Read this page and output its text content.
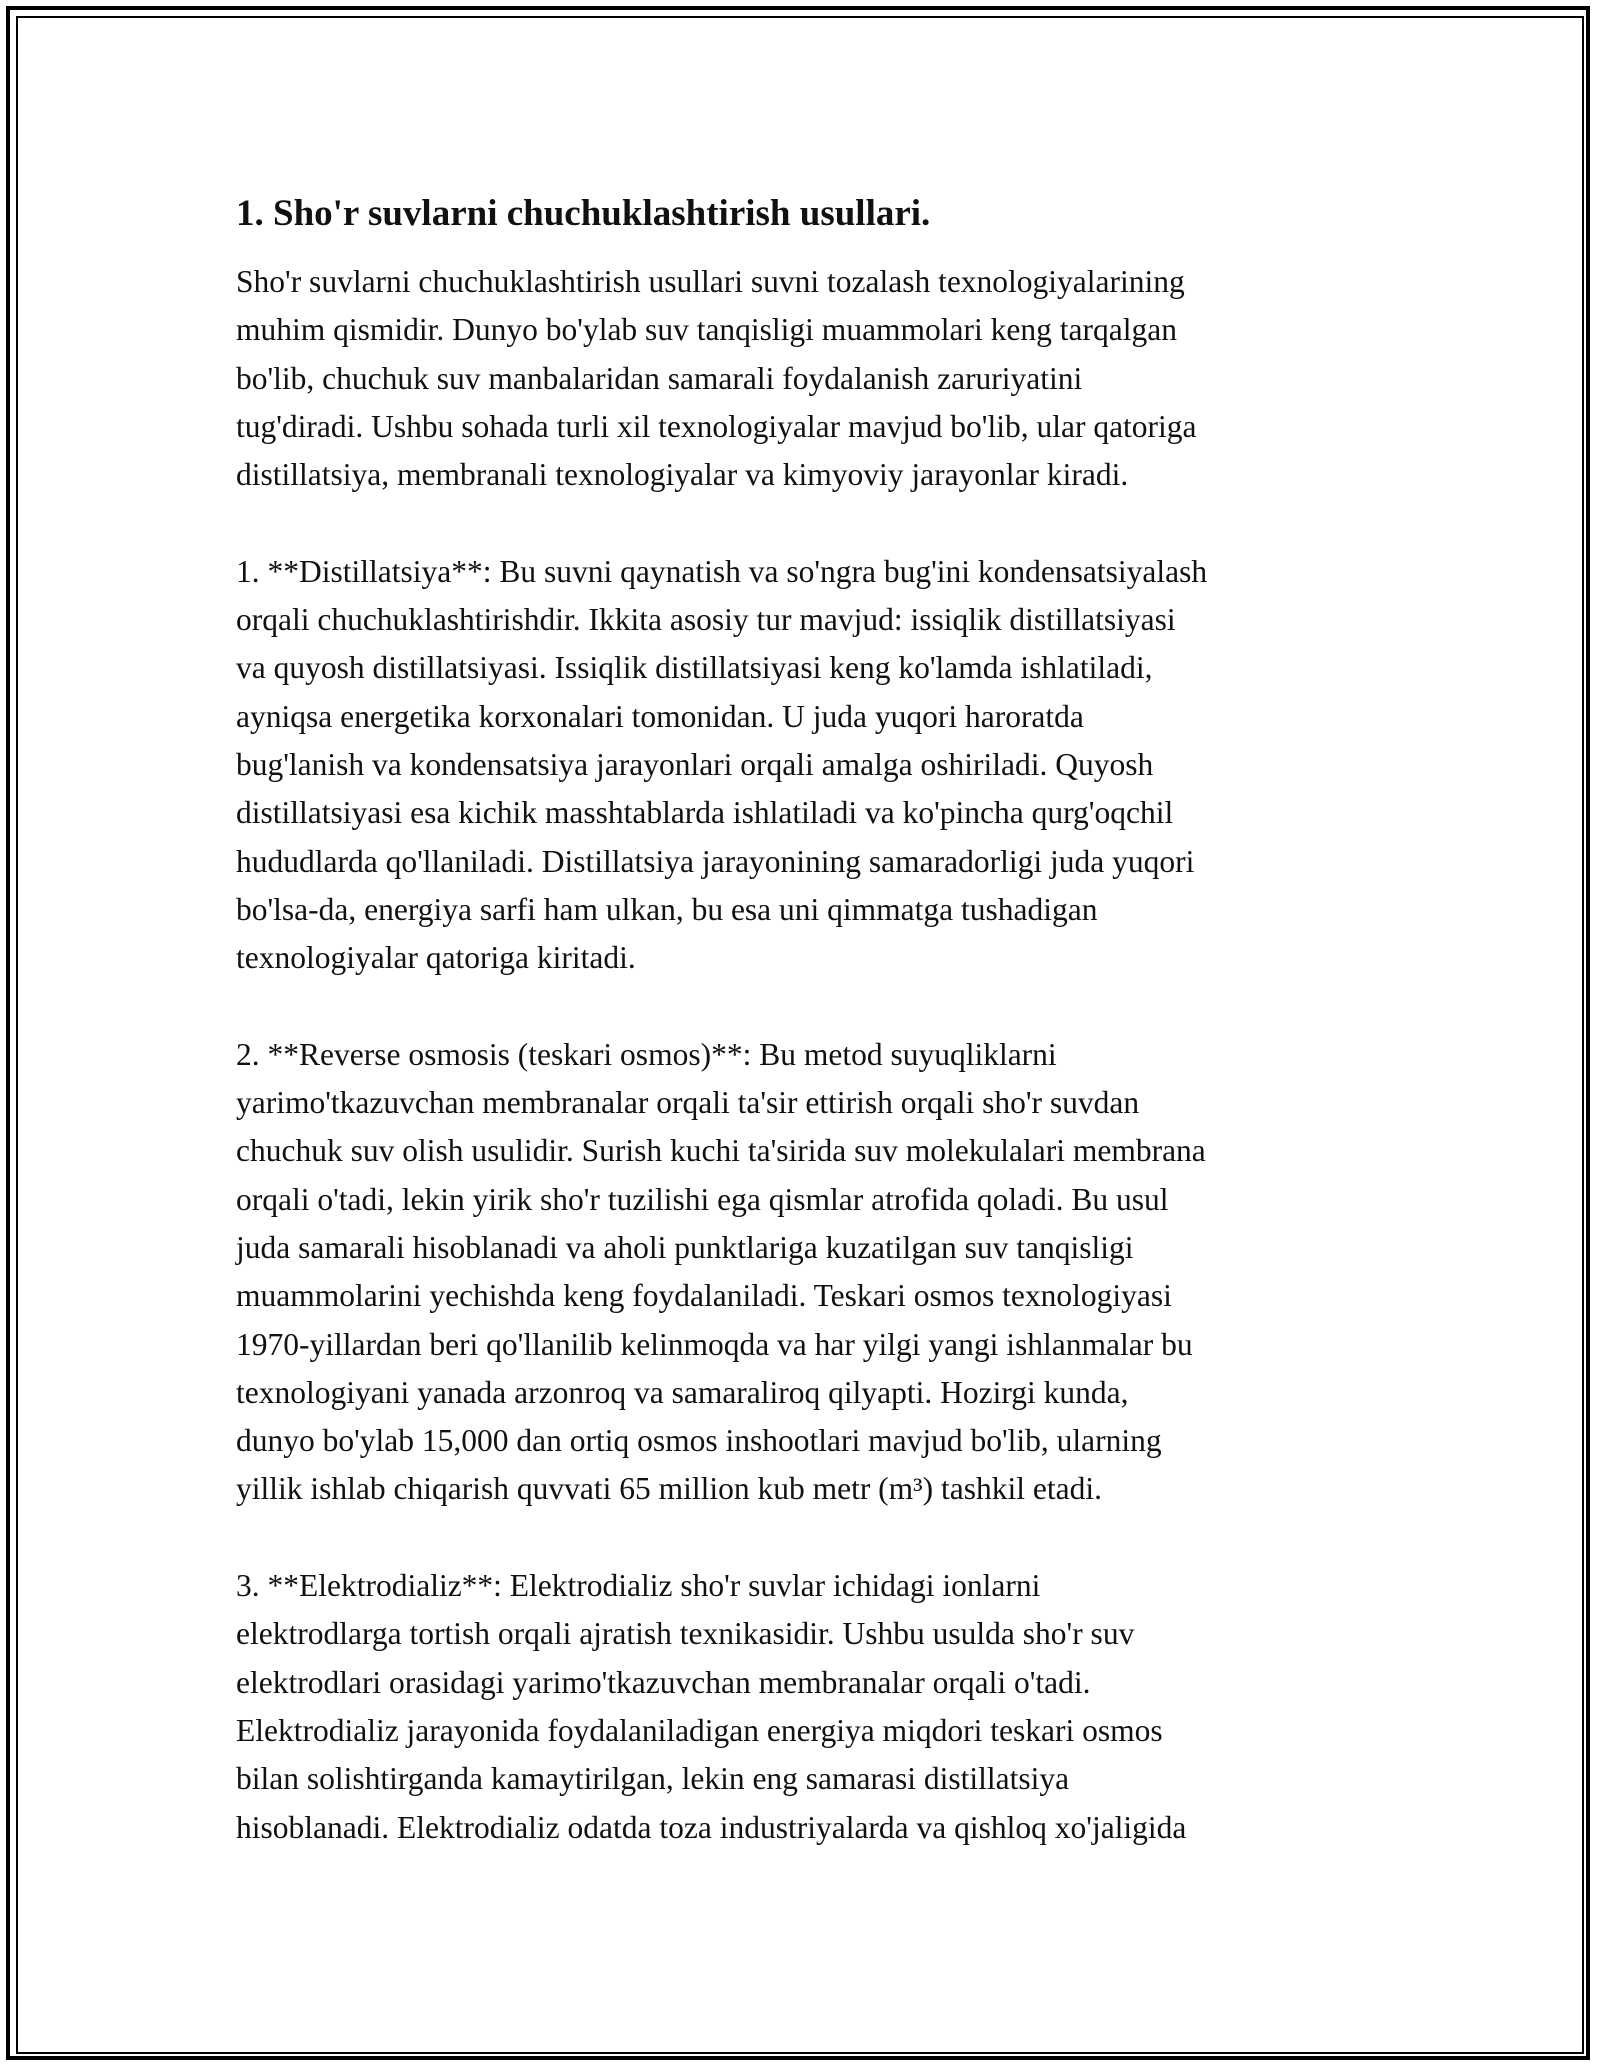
1. Sho'r suvlarni chuchuklashtirish usullari.

Sho'r suvlarni chuchuklashtirish usullari suvni tozalash texnologiyalarining
muhim qismidir. Dunyo bo'ylab suv tanqisligi muammolari keng tarqalgan
bo'lib, chuchuk suv manbalaridan samarali foydalanish zaruriyatini
tug'diradi. Ushbu sohada turli xil texnologiyalar mavjud bo'lib, ular qatoriga
distillatsiya, membranali texnologiyalar va kimyoviy jarayonlar kiradi.

1. **Distillatsiya**: Bu suvni qaynatish va so'ngra bug'ini kondensatsiyalash
orqali chuchuklashtirishdir. Ikkita asosiy tur mavjud: issiqlik distillatsiyasi
va quyosh distillatsiyasi. Issiqlik distillatsiyasi keng ko'lamda ishlatiladi,
ayniqsa energetika korxonalari tomonidan. U juda yuqori haroratda
bug'lanish va kondensatsiya jarayonlari orqali amalga oshiriladi. Quyosh
distillatsiyasi esa kichik masshtablarda ishlatiladi va ko'pincha qurg'oqchil
hududlarda qo'llaniladi. Distillatsiya jarayonining samaradorligi juda yuqori
bo'lsa-da, energiya sarfi ham ulkan, bu esa uni qimmatga tushadigan
texnologiyalar qatoriga kiritadi.

2. **Reverse osmosis (teskari osmos)**: Bu metod suyuqliklarni
yarimo'tkazuvchan membranalar orqali ta'sir ettirish orqali sho'r suvdan
chuchuk suv olish usulidir. Surish kuchi ta'sirida suv molekulalari membrana
orqali o'tadi, lekin yirik sho'r tuzilishi ega qismlar atrofida qoladi. Bu usul
juda samarali hisoblanadi va aholi punktlariga kuzatilgan suv tanqisligi
muammolarini yechishda keng foydalaniladi. Teskari osmos texnologiyasi
1970-yillardan beri qo'llanilib kelinmoqda va har yilgi yangi ishlanmalar bu
texnologiyani yanada arzonroq va samaraliroq qilyapti. Hozirgi kunda,
dunyo bo'ylab 15,000 dan ortiq osmos inshootlari mavjud bo'lib, ularning
yillik ishlab chiqarish quvvati 65 million kub metr (m³) tashkil etadi.

3. **Elektrodializ**: Elektrodializ sho'r suvlar ichidagi ionlarni
elektrodlarga tortish orqali ajratish texnikasidir. Ushbu usulda sho'r suv
elektrodlari orasidagi yarimo'tkazuvchan membranalar orqali o'tadi.
Elektrodializ jarayonida foydalaniladigan energiya miqdori teskari osmos
bilan solishtirganda kamaytirilgan, lekin eng samarasi distillatsiya
hisoblanadi. Elektrodializ odatda toza industriyalarda va qishloq xo'jaligida
